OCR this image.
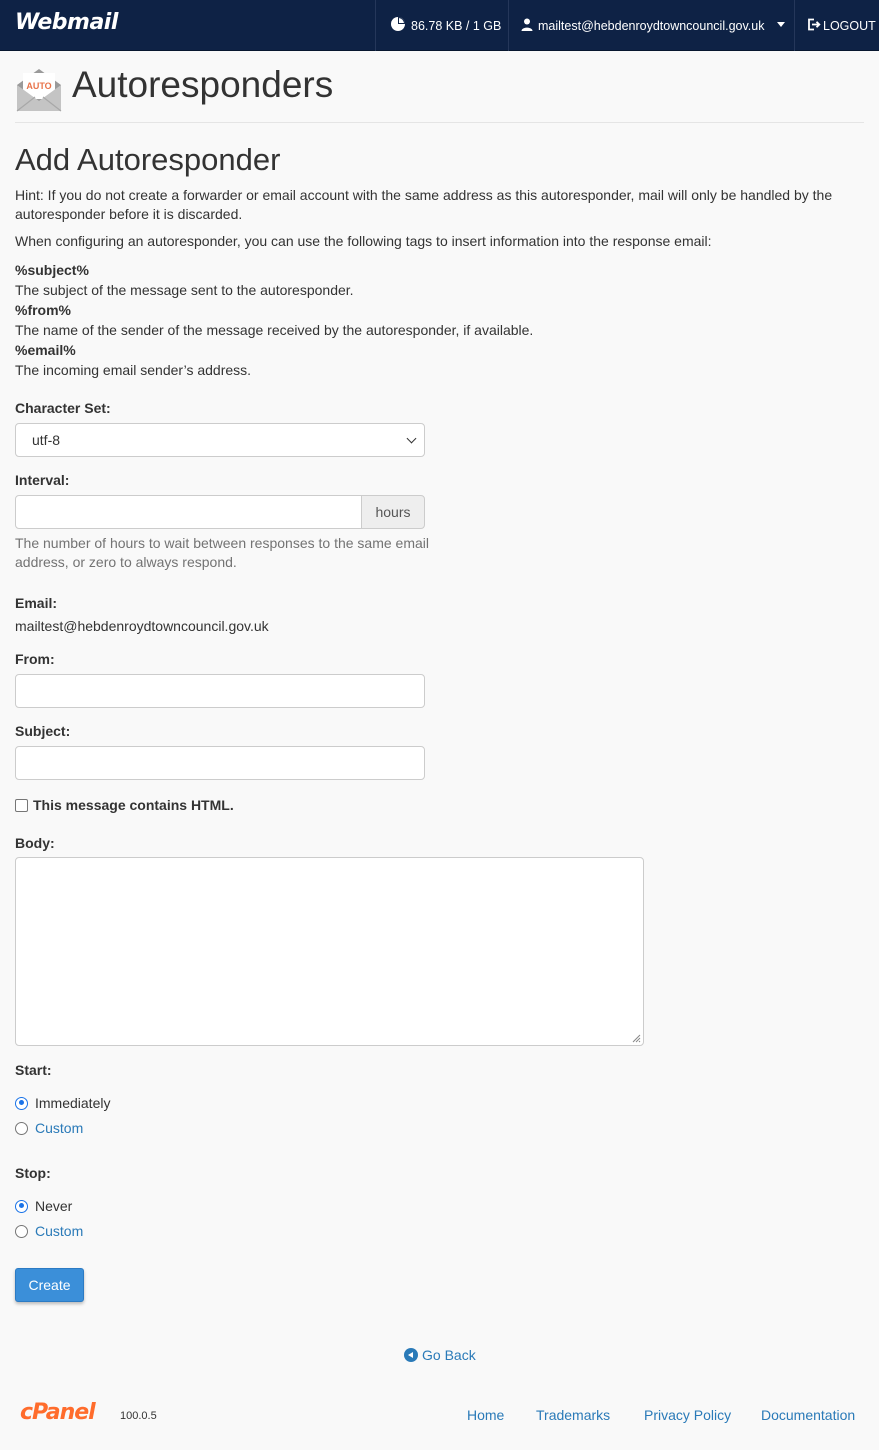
Webmail	86.78 KB / 1 GB	mailtest@hebdenroydtowncouncil.gov.uk	LOGOUT
AUTO Autoresponders
Add Autoresponder
Hint: If you do not create a forwarder or email account with the same address as this autoresponder, mail will only be handled by the autoresponder before it is discarded.
When configuring an autoresponder, you can use the following tags to insert information into the response email:
%subject%
The subject of the message sent to the autoresponder.
%from%
The name of the sender of the message received by the autoresponder, if available.
%email%
The incoming email sender’s address.
Character Set:
utf-8
Interval:
hours
The number of hours to wait between responses to the same email address, or zero to always respond.
Email:
mailtest@hebdenroydtowncouncil.gov.uk
From:
Subject:
This message contains HTML.
Body:
Start:
Immediately
Custom
Stop:
Never
Custom
Create
Go Back
cPanel 100.0.5	Home Trademarks Privacy Policy Documentation
